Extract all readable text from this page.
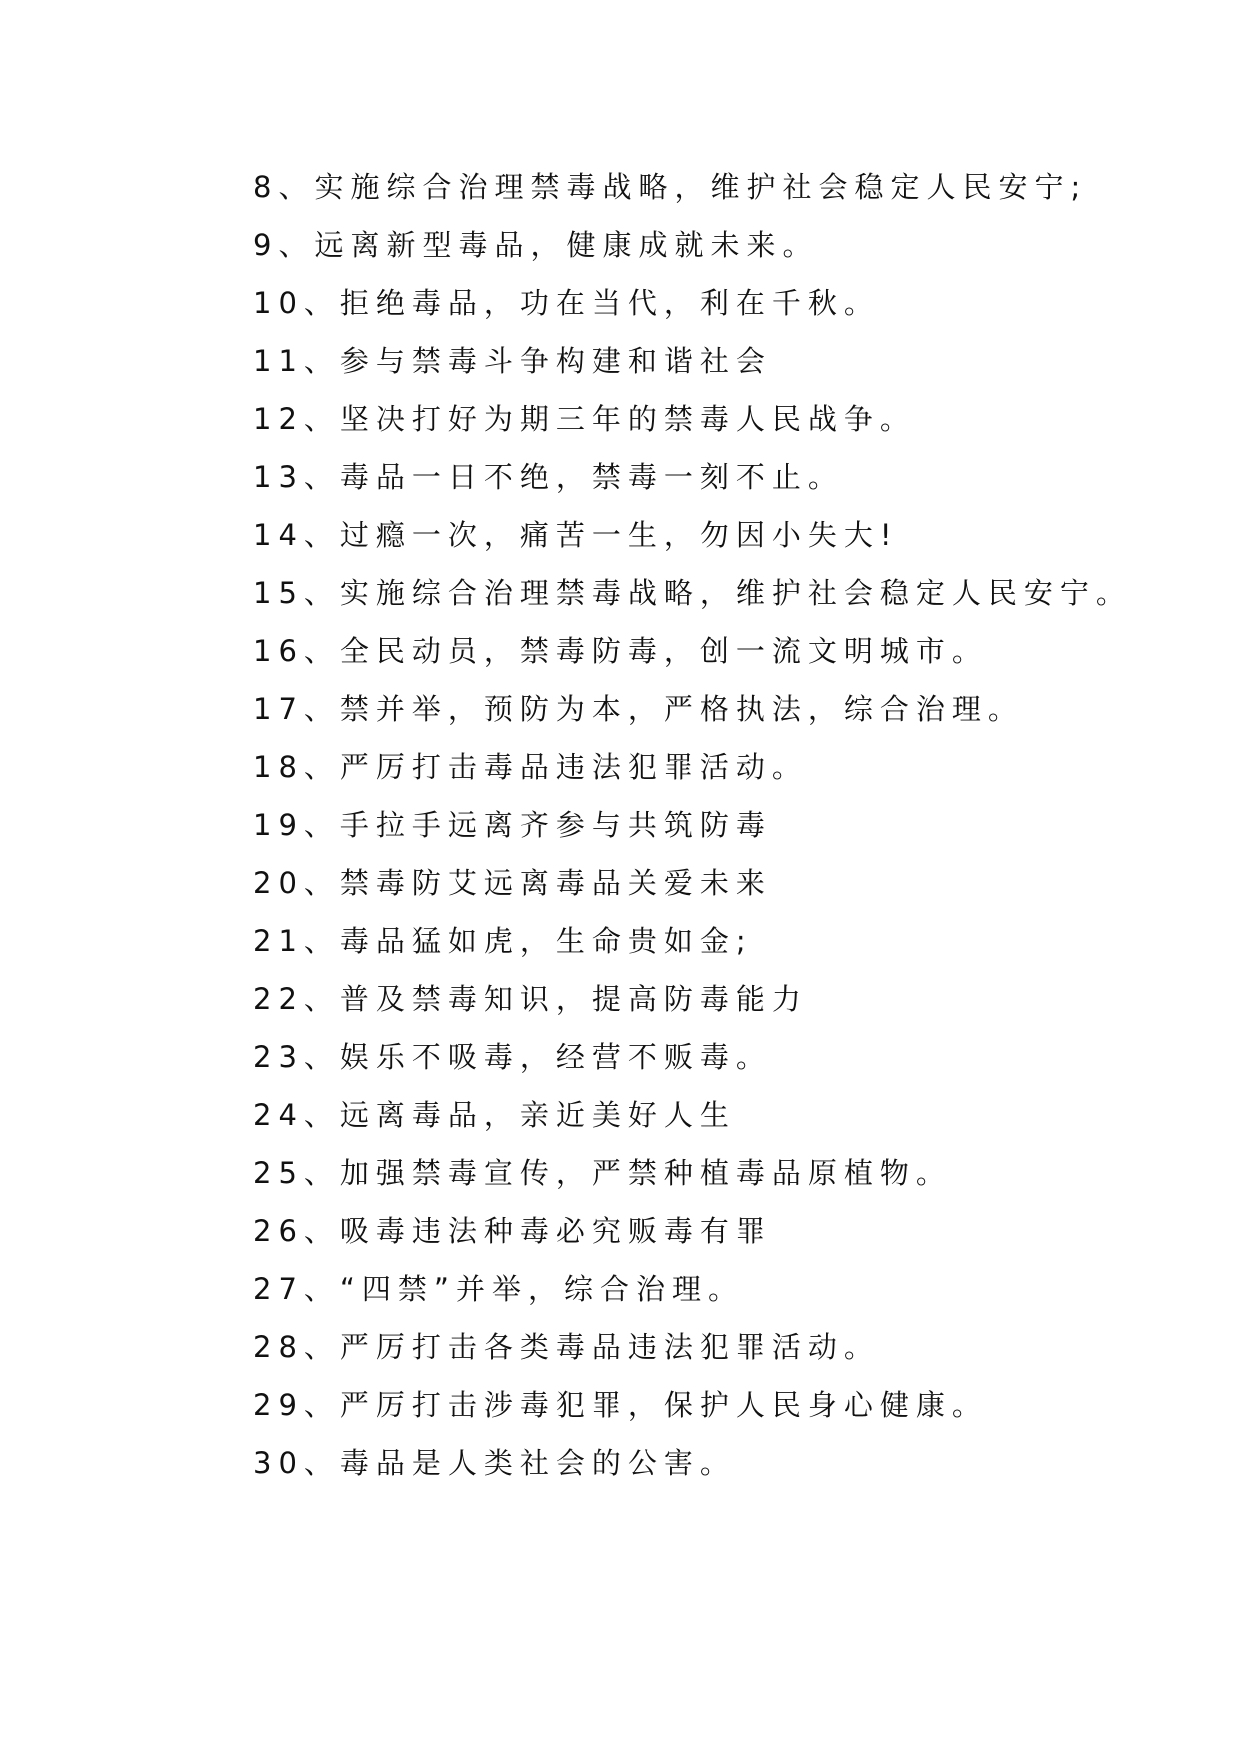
8、实施综合治理禁毒战略，维护社会稳定人民安宁;
9、远离新型毒品，健康成就未来。
10、拒绝毒品，功在当代，利在千秋。
11、参与禁毒斗争构建和谐社会
12、坚决打好为期三年的禁毒人民战争。
13、毒品一日不绝，禁毒一刻不止。
14、过瘾一次，痛苦一生，勿因小失大!
15、实施综合治理禁毒战略，维护社会稳定人民安宁。
16、全民动员，禁毒防毒，创一流文明城市。
17、禁并举，预防为本，严格执法，综合治理。
18、严厉打击毒品违法犯罪活动。
19、手拉手远离齐参与共筑防毒
20、禁毒防艾远离毒品关爱未来
21、毒品猛如虎，生命贵如金;
22、普及禁毒知识，提高防毒能力
23、娱乐不吸毒，经营不贩毒。
24、远离毒品，亲近美好人生
25、加强禁毒宣传，严禁种植毒品原植物。
26、吸毒违法种毒必究贩毒有罪
27、“四禁”并举，综合治理。
28、严厉打击各类毒品违法犯罪活动。
29、严厉打击涉毒犯罪，保护人民身心健康。
30、毒品是人类社会的公害。
